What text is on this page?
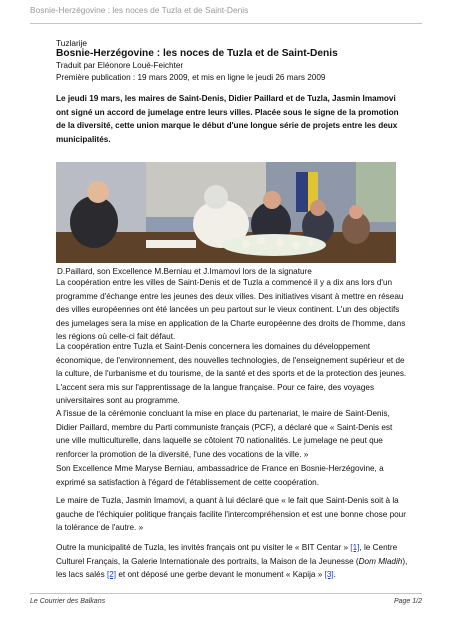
Bosnie-Herzégovine : les noces de Tuzla et de Saint-Denis
Tuzlarije
Bosnie-Herzégovine : les noces de Tuzla et de Saint-Denis
Traduit par Eléonore Loué-Feichter
Première publication : 19 mars 2009, et mis en ligne le jeudi 26 mars 2009
Le jeudi 19 mars, les maires de Saint-Denis, Didier Paillard et de Tuzla, Jasmin Imamovi ont signé un accord de jumelage entre leurs villes. Placée sous le signe de la promotion de la diversité, cette union marque le début d'une longue série de projets entre les deux municipalités.
D.Paillard, son Excellence M.Berniau et J.Imamovi lors de la signature
La coopération entre les villes de Saint-Denis et de Tuzla a commencé il y a dix ans lors d'un programme d'échange entre les jeunes des deux villes. Des initiatives visant à mettre en réseau des villes européennes ont été lancées un peu partout sur le vieux continent. L'un des objectifs des jumelages sera la mise en application de la Charte européenne des droits de l'homme, dans les régions où celle-ci fait défaut.
La coopération entre Tuzla et Saint-Denis concernera les domaines du développement économique, de l'environnement, des nouvelles technologies, de l'enseignement supérieur et de la culture, de l'urbanisme et du tourisme, de la santé et des sports et de la protection des jeunes. L'accent sera mis sur l'apprentissage de la langue française. Pour ce faire, des voyages universitaires sont au programme.
A l'issue de la cérémonie concluant la mise en place du partenariat, le maire de Saint-Denis, Didier Paillard, membre du Parti communiste français (PCF), a déclaré que « Saint-Denis est une ville multiculturelle, dans laquelle se côtoient 70 nationalités. Le jumelage ne peut que renforcer la promotion de la diversité, l'une des vocations de la ville. »
Son Excellence Mme Maryse Berniau, ambassadrice de France en Bosnie-Herzégovine, a exprimé sa satisfaction à l'égard de l'établissement de cette coopération.
Le maire de Tuzla, Jasmin Imamovi, a quant à lui déclaré que « le fait que Saint-Denis soit à la gauche de l'échiquier politique français facilite l'intercompréhension et est une bonne chose pour la tolérance de l'autre. »
Outre la municipalité de Tuzla, les invités français ont pu visiter le « BIT Centar » [1], le Centre Culturel Français, la Galerie Internationale des portraits, la Maison de la Jeunesse (Dom Mladih), les lacs salés [2] et ont déposé une gerbe devant le monument « Kapija » [3].
Le Courrier des Balkans	Page 1/2
